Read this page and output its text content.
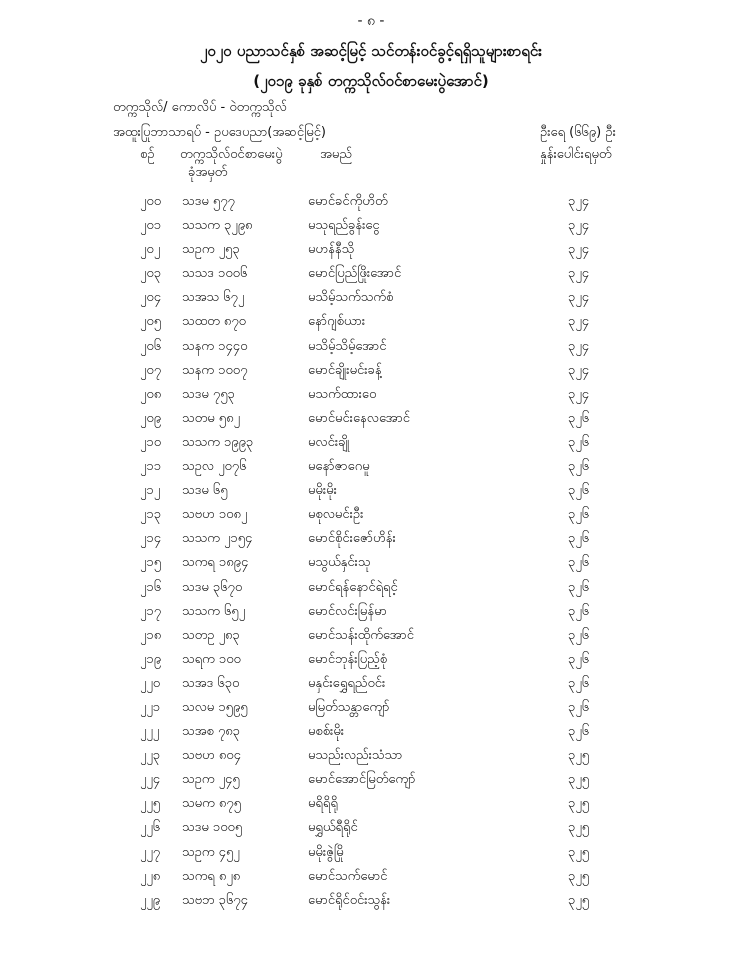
- ၈ -
၂၀၂၀ ပညာသင်နှစ် အဆင့်မြင့် သင်တန်းဝင်ခွင့်ရရှိသူများစာရင်း
(၂၀၁၉ ခုနှစ် တက္ကသိုလ်ဝင်စာမေးပွဲအောင်)
တက္ကသိုလ်/ ကောလိပ် - ဝဲတက္ကသိုလ်
အထူးပြုဘာသာရပ် - ဥပဒေပညာ(အဆင့်မြင့်)	ဦးရေ (၆၆၉) ဦး
စဉ် တက္ကသိုလ်ဝင်စာမေးပွဲ
ခုံအမှတ်
အမည်	နှုန်းပေါင်းရမှတ်
၂၀၀ သဒမ ၅၇၇	မောင်ခင်ကိုဟိတ်	၃၂၄
၂၀၁ သသက ၃၂၉၈	မသုရည်ခွန်းငွေ	၃၂၄
၂၀၂ သဥက ၂၅၃	မဟန်နီသို	၃၂၄
၂၀၃ သသဒ ၁၀၀၆	မောင်ပြည်ဖြိုးအောင်	၃၂၄
၂၀၄ သအသ ၆၇၂	မသိမ့်သက်သက်စံ	၃၂၄
၂၀၅ သထတ ၈၇၀	နော်ဂျစ်ယား	၃၂၄
၂၀၆ သနက ၁၄၄၀	မသိမ့်သိမ့်အောင်	၃၂၄
၂၀၇ သနက ၁၀၀၇	မောင်ချိုးမင်းခန့်	၃၂၄
၂၀၈ သဒမ ၇၅၃	မသက်ထားဝေ	၃၂၄
၂၀၉ သတမ ၅၈၂	မောင်မင်းနေလအောင်	၃၂၆
၂၁၀ သသက ၁၉၉၃	မလင်းချို	၃၂၆
၂၁၁ သဥလ ၂၀၇၆	မနော်ဇာဂေမူ	၃၂၆
၂၁၂ သဒမ ၆၅	မမိုးမိုး	၃၂၆
၂၁၃ သဗဟ ၁၀၈၂	မစုလမင်းဦး	၃၂၆
၂၁၄ သသက ၂၁၅၄	မောင်စိုင်းဇော်ဟိန်း	၃၂၆
၂၁၅ သကရ ၁၈၉၄	မသွယ်နှင်းသု	၃၂၆
၂၁၆ သဒမ ၃၆၇၀	မောင်ရန်နောင်ရဲရင့်	၃၂၆
၂၁၇ သသက ၆၅၂	မောင်လင်းမြန်မာ	၃၂၆
၂၁၈ သတဥ ၂၈၃	မောင်သန်းထိုက်အောင်	၃၂၆
၂၁၉ သရက ၁၀၀	မောင်ဘုန်းပြည့်စုံ	၃၂၆
၂၂၀ သအဒ ၆၃၀	မနှင်းရွှေရည်ဝင်း	၃၂၆
၂၂၁ သလမ ၁၅၉၅	မမြတ်သန္တာကျော်	၃၂၆
၂၂၂ သအစ ၇၈၃	မစစ်းမိုး	၃၂၆
၂၂၃ သဗဟ ၈၀၄	မသည်းလည်းသံသာ	၃၂၅
၂၂၄ သဥက ၂၄၅	မောင်အောင်မြတ်ကျော်	၃၂၅
၂၂၅ သမက ၈၇၅	မရိရိရို	၃၂၅
၂၂၆ သဒမ ၁၀၀၅	မရွှယ်ရီရိုင်	၃၂၅
၂၂၇ သဥက ၄၅၂	မမိုးဇွဲမြို	၃၂၅
၂၂၈ သကရ ၈၂၈	မောင်သက်မောင်	၃၂၅
၂၂၉ သဗဘ ၃၆၇၄	မောင်ရိုင်ဝင်းသွန်း	၃၂၅
